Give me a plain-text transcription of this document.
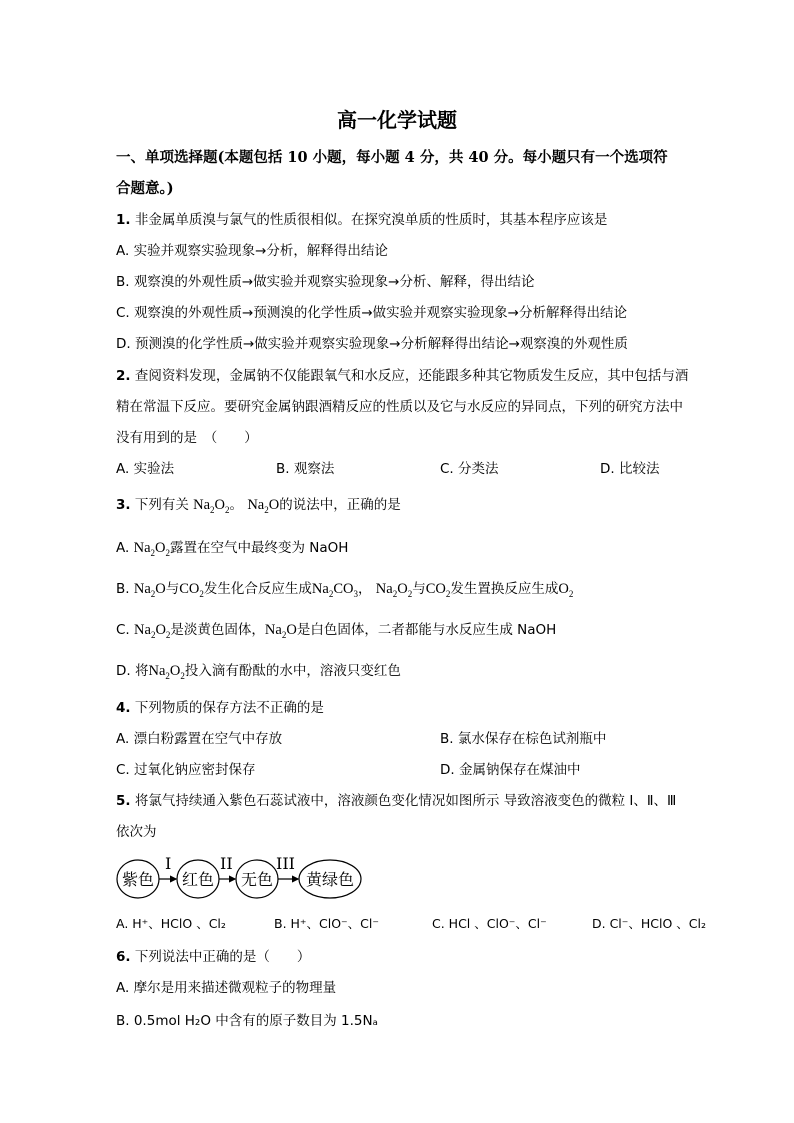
高一化学试题
一、单项选择题(本题包括 10 小题，每小题 4 分，共 40 分。每小题只有一个选项符
合题意。)
1. 非金属单质溴与氯气的性质很相似。在探究溴单质的性质时，其基本程序应该是
A. 实验并观察实验现象→分析，解释得出结论
B. 观察溴的外观性质→做实验并观察实验现象→分析、解释，得出结论
C. 观察溴的外观性质→预测溴的化学性质→做实验并观察实验现象→分析解释得出结论
D. 预测溴的化学性质→做实验并观察实验现象→分析解释得出结论→观察溴的外观性质
2. 查阅资料发现，金属钠不仅能跟氧气和水反应，还能跟多种其它物质发生反应，其中包括与酒
精在常温下反应。要研究金属钠跟酒精反应的性质以及它与水反应的异同点，下列的研究方法中
没有用到的是　（　　）
A. 实验法	B. 观察法	C. 分类法	D. 比较法
3. 下列有关 $Na_2O_2$。 $Na_2O$的说法中，正确的是
A. $Na_2O_2$露置在空气中最终变为 NaOH
B. $Na_2O$与$CO_2$发生化合反应生成$Na_2CO_3$， $Na_2O_2$与$CO_2$发生置换反应生成$O_2$
C. $Na_2O_2$是淡黄色固体，$Na_2O$是白色固体，二者都能与水反应生成 NaOH
D. 将$Na_2O_2$投入滴有酚酞的水中，溶液只变红色
4. 下列物质的保存方法不正确的是
A. 漂白粉露置在空气中存放	B. 氯水保存在棕色试剂瓶中
C. 过氧化钠应密封保存	D. 金属钠保存在煤油中
5. 将氯气持续通入紫色石蕊试液中，溶液颜色变化情况如图所示 导致溶液变色的微粒 Ⅰ、Ⅱ、Ⅲ
依次为
紫色
I
红色
II
无色
III
黄绿色
A. H⁺、HClO 、Cl₂	B. H⁺、ClO⁻、Cl⁻	C. HCl 、ClO⁻、Cl⁻	D. Cl⁻、HClO 、Cl₂
6. 下列说法中正确的是（　　）
A. 摩尔是用来描述微观粒子的物理量
B. 0.5mol H₂O 中含有的原子数目为 1.5Nₐ
